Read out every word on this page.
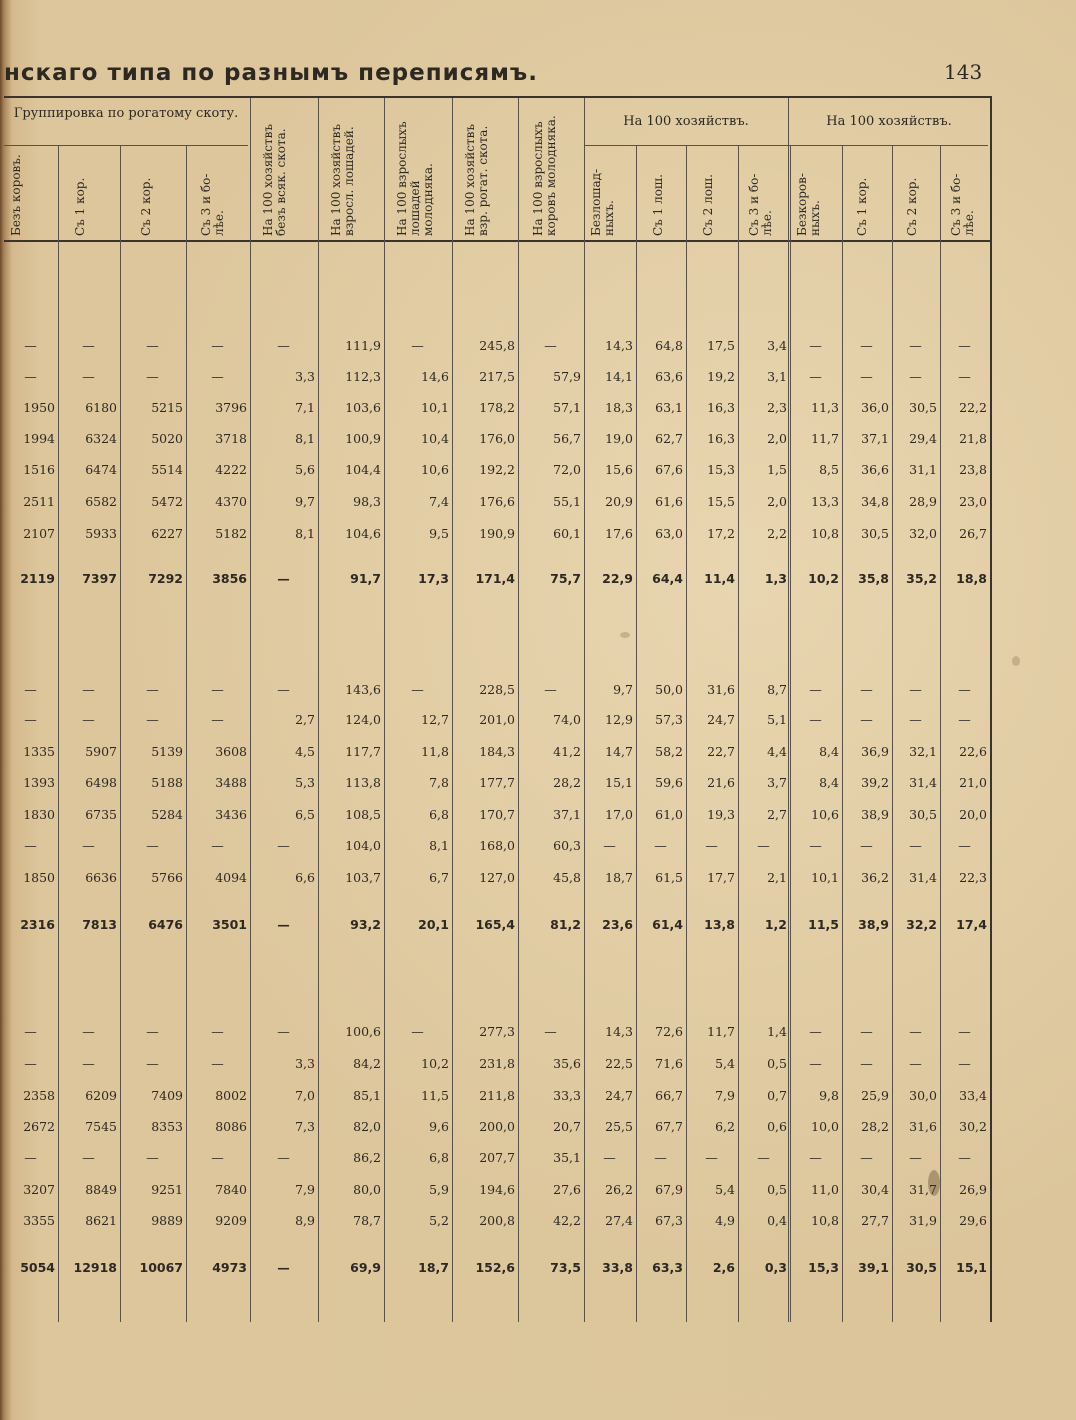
нскаго типа по разнымъ переписямъ.	143
Группировка по рогатому скоту.
На 100 хозяйствъ.	На 100 хозяйствъ.
Безъ коровъ.	Съ 1 кор.	Съ 2 кор.	Съ 3 и бо-
лѣе.	На 100 хозяйствъ
безъ всяк. скота.
На 100 хозяйствъ
взросл. лошадей.
На 100 взрослыхъ
лошадей молодняка. На 100 хозяйствъ
взр. рогат. скота.
На 100 взрослыхъ
коровъ молодняка.
Безлошад-
ныхъ.	Съ 1 лош.	Съ 2 лош.	Съ 3 и бо-
лѣе.	Безкоров-
ныхъ.	Съ 1 кор.	Съ 2 кор.	Съ 3 и бо-
лѣе.
—	—	—	—	—	111,9	—	245,8	—	14,3	64,8	17,5	3,4	—	—	—	—
—	—	—	—	3,3	112,3	14,6	217,5	57,9	14,1	63,6	19,2	3,1	—	—	—	—
1950	6180	5215	3796	7,1	103,6	10,1	178,2	57,1	18,3	63,1	16,3	2,3	11,3	36,0	30,5	22,2
1994	6324	5020	3718	8,1	100,9	10,4	176,0	56,7	19,0	62,7	16,3	2,0	11,7	37,1	29,4	21,8
1516	6474	5514	4222	5,6	104,4	10,6	192,2	72,0	15,6	67,6	15,3	1,5	8,5	36,6	31,1	23,8
2511	6582	5472	4370	9,7	98,3	7,4	176,6	55,1	20,9	61,6	15,5	2,0	13,3	34,8	28,9	23,0
2107	5933	6227	5182	8,1	104,6	9,5	190,9	60,1	17,6	63,0	17,2	2,2	10,8	30,5	32,0	26,7
2119	7397	7292	3856	—	91,7	17,3	171,4	75,7	22,9	64,4	11,4	1,3	10,2	35,8	35,2	18,8
—	—	—	—	—	143,6	—	228,5	—	9,7	50,0	31,6	8,7	—	—	—	—
—	—	—	—	2,7	124,0	12,7	201,0	74,0	12,9	57,3	24,7	5,1	—	—	—	—
1335	5907	5139	3608	4,5	117,7	11,8	184,3	41,2	14,7	58,2	22,7	4,4	8,4	36,9	32,1	22,6
1393	6498	5188	3488	5,3	113,8	7,8	177,7	28,2	15,1	59,6	21,6	3,7	8,4	39,2	31,4	21,0
1830	6735	5284	3436	6,5	108,5	6,8	170,7	37,1	17,0	61,0	19,3	2,7	10,6	38,9	30,5	20,0
—	—	—	—	—	104,0	8,1	168,0	60,3	—	—	—	—	—	—	—	—
1850	6636	5766	4094	6,6	103,7	6,7	127,0	45,8	18,7	61,5	17,7	2,1	10,1	36,2	31,4	22,3
2316	7813	6476	3501	—	93,2	20,1	165,4	81,2	23,6	61,4	13,8	1,2	11,5	38,9	32,2	17,4
—	—	—	—	—	100,6	—	277,3	—	14,3	72,6	11,7	1,4	—	—	—	—
—	—	—	—	3,3	84,2	10,2	231,8	35,6	22,5	71,6	5,4	0,5	—	—	—	—
2358	6209	7409	8002	7,0	85,1	11,5	211,8	33,3	24,7	66,7	7,9	0,7	9,8	25,9	30,0	33,4
2672	7545	8353	8086	7,3	82,0	9,6	200,0	20,7	25,5	67,7	6,2	0,6	10,0	28,2	31,6	30,2
—	—	—	—	—	86,2	6,8	207,7	35,1	—	—	—	—	—	—	—	—
3207	8849	9251	7840	7,9	80,0	5,9	194,6	27,6	26,2	67,9	5,4	0,5	11,0	30,4	31,7	26,9
3355	8621	9889	9209	8,9	78,7	5,2	200,8	42,2	27,4	67,3	4,9	0,4	10,8	27,7	31,9	29,6
5054	12918	10067	4973	—	69,9	18,7	152,6	73,5	33,8	63,3	2,6	0,3	15,3	39,1	30,5	15,1
